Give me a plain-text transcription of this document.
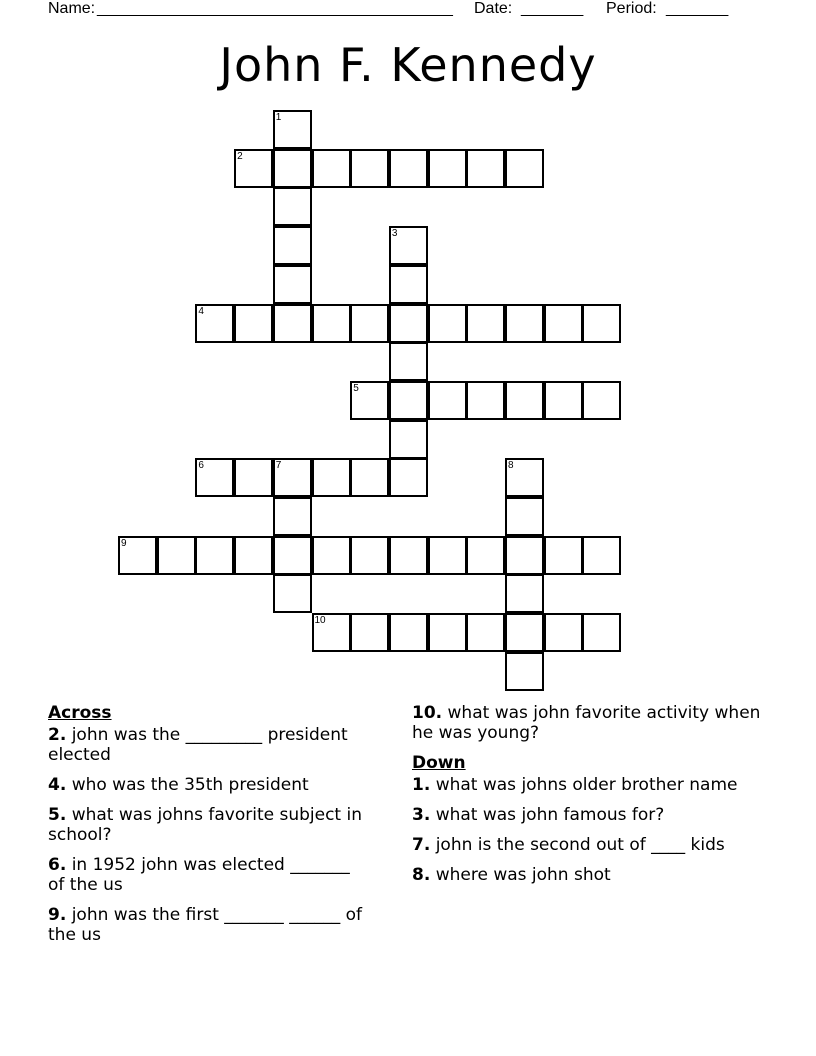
Name: ________________________________________ Date: _______ Period: _______
John F. Kennedy
1
2
3
4
5
6	7	8
9
10
Across
2. john was the _________ president elected
4. who was the 35th president
5. what was johns favorite subject in school?
6. in 1952 john was elected _______ of the us
9. john was the first _______ ______ of the us
10. what was john favorite activity when he was young?
Down
1. what was johns older brother name
3. what was john famous for?
7. john is the second out of ____ kids
8. where was john shot
